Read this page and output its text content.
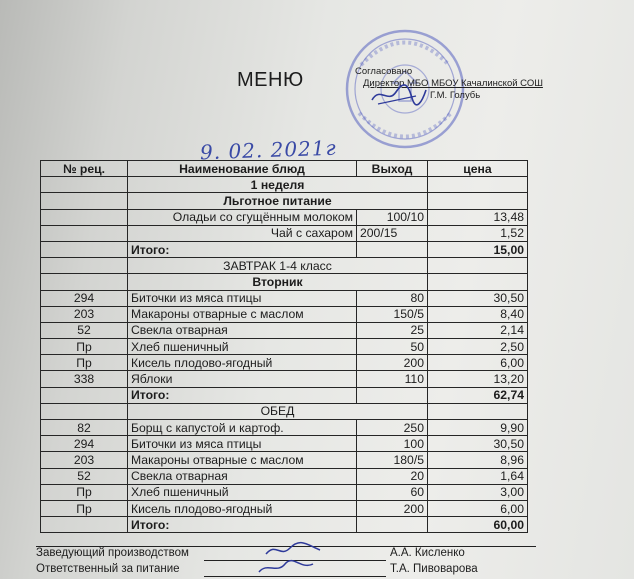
МЕНЮ	Согласовано
Директор МБО МБОУ Качалинской СОШ
Г.М. Голубь
9. 02. 2021г
№ рец.	Наименование блюд	Выход	цена
	1 неделя		
	Льготное питание		
	Оладьи со сгущённым молоком	100/10	13,48
	Чай с сахаром	200/15	1,52
	Итого:		15,00
	ЗАВТРАК 1-4 класс		
	Вторник		
294	Биточки из мяса птицы	80	30,50
203	Макароны отварные с маслом	150/5	8,40
52	Свекла отварная	25	2,14
Пр	Хлеб пшеничный	50	2,50
Пр	Кисель плодово-ягодный	200	6,00
338	Яблоки	110	13,20
	Итого:		62,74
	ОБЕД		
82	Борщ с капустой и картоф.	250	9,90
294	Биточки из мяса птицы	100	30,50
203	Макароны отварные с маслом	180/5	8,96
52	Свекла отварная	20	1,64
Пр	Хлеб пшеничный	60	3,00
Пр	Кисель плодово-ягодный	200	6,00
	Итого:		60,00
Заведующий производством	А.А. Кисленко
Ответственный за питание	Т.А. Пивоварова
